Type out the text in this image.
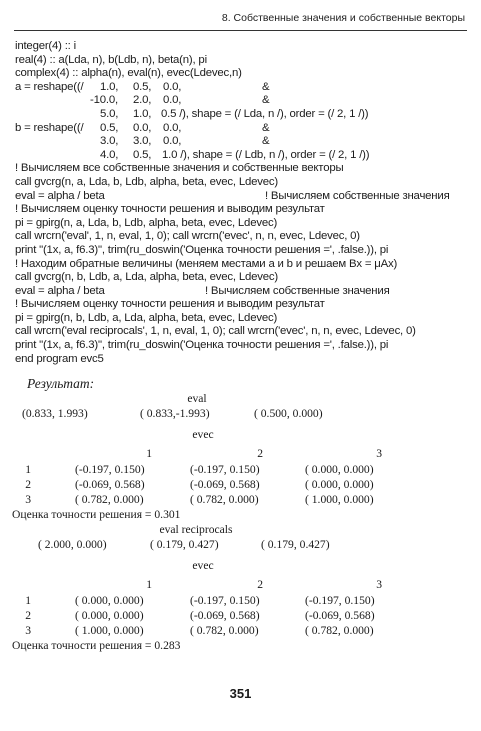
8. Собственные значения и собственные векторы
integer(4) :: i
real(4) :: a(Lda, n), b(Ldb, n), beta(n), pi
complex(4) :: alpha(n), eval(n), evec(Ldevec,n)
a = reshape((/ 1.0, 0.5, 0.0,	&
-10.0, 2.0, 0.0,	&
5.0, 1.0, 0.5 /), shape = (/ Lda, n /), order = (/ 2, 1 /))
b = reshape((/ 0.5, 0.0, 0.0,	&
3.0, 3.0, 0.0,	&
4.0, 0.5, 1.0 /), shape = (/ Ldb, n /), order = (/ 2, 1 /))
! Вычисляем все собственные значения и собственные векторы
call gvcrg(n, a, Lda, b, Ldb, alpha, beta, evec, Ldevec)
eval = alpha / beta	! Вычисляем собственные значения
! Вычисляем оценку точности решения и выводим результат
pi = gpirg(n, a, Lda, b, Ldb, alpha, beta, evec, Ldevec)
call wrcrn('eval', 1, n, eval, 1, 0); call wrcrn('evec', n, n, evec, Ldevec, 0)
print "(1x, a, f6.3)", trim(ru_doswin('Оценка точности решения =', .false.)), pi
! Находим обратные величины (меняем местами a и b и решаем Bx = μAx)
call gvcrg(n, b, Ldb, a, Lda, alpha, beta, evec, Ldevec)
eval = alpha / beta	! Вычисляем собственные значения
! Вычисляем оценку точности решения и выводим результат
pi = gpirg(n, b, Ldb, a, Lda, alpha, beta, evec, Ldevec)
call wrcrn('eval reciprocals', 1, n, eval, 1, 0); call wrcrn('evec', n, n, evec, Ldevec, 0)
print "(1x, a, f6.3)", trim(ru_doswin('Оценка точности решения =', .false.)), pi
end program evc5
Результат:
eval
(0.833, 1.993)	( 0.833,-1.993)	( 0.500, 0.000)
evec
1	2	3
1	(-0.197, 0.150)	(-0.197, 0.150)	( 0.000, 0.000)
2	(-0.069, 0.568)	(-0.069, 0.568)	( 0.000, 0.000)
3	( 0.782, 0.000)	( 0.782, 0.000)	( 1.000, 0.000)
Оценка точности решения = 0.301
eval reciprocals
( 2.000, 0.000)	( 0.179, 0.427)	( 0.179, 0.427)
evec
1	2	3
1	( 0.000, 0.000)	(-0.197, 0.150)	(-0.197, 0.150)
2	( 0.000, 0.000)	(-0.069, 0.568)	(-0.069, 0.568)
3	( 1.000, 0.000)	( 0.782, 0.000)	( 0.782, 0.000)
Оценка точности решения = 0.283
351
